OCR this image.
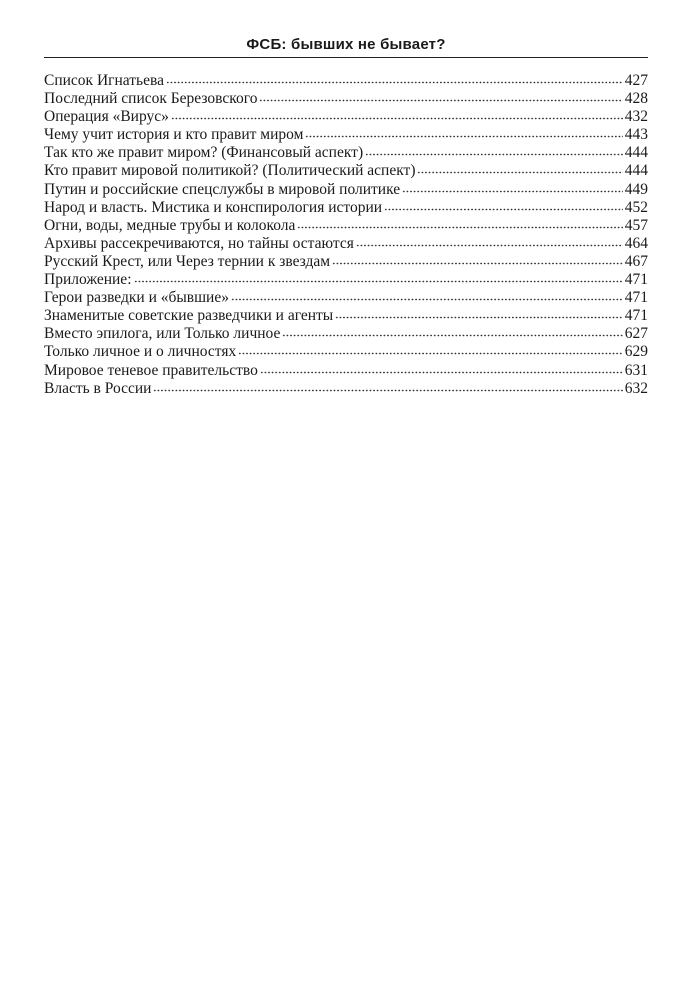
ФСБ: бывших не бывает?
Список Игнатьева	427
Последний список Березовского	428
Операция «Вирус»	432
Чему учит история и кто правит миром	443
Так кто же правит миром? (Финансовый аспект)	444
Кто правит мировой политикой? (Политический аспект)	444
Путин и российские спецслужбы в мировой политике	449
Народ и власть. Мистика и конспирология истории	452
Огни, воды, медные трубы и колокола	457
Архивы рассекречиваются, но тайны остаются	464
Русский Крест, или Через тернии к звездам	467
Приложение:	471
Герои разведки и «бывшие»	471
Знаменитые советские разведчики и агенты	471
Вместо эпилога, или Только личное	627
Только личное и о личностях	629
Мировое теневое правительство	631
Власть в России	632
